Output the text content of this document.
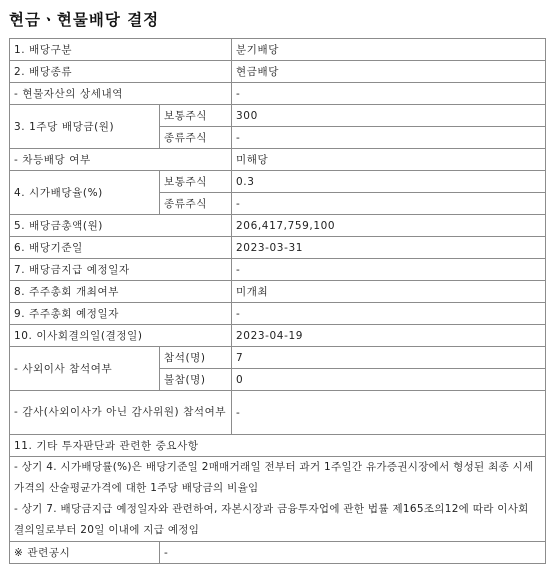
현금ㆍ현물배당 결정
1. 배당구분		분기배당
2. 배당종류		현금배당
- 현물자산의 상세내역		-
3. 1주당 배당금(원)	보통주식	300
	종류주식	-
- 차등배당 여부		미해당
4. 시가배당율(%)	보통주식	0.3
	종류주식	-
5. 배당금총액(원)		206,417,759,100
6. 배당기준일		2023-03-31
7. 배당금지급 예정일자		-
8. 주주총회 개최여부		미개최
9. 주주총회 예정일자		-
10. 이사회결의일(결정일)		2023-04-19
- 사외이사 참석여부	참석(명)	7
	불참(명)	0
- 감사(사외이사가 아닌 감사위원) 참석여부		-
11. 기타 투자판단과 관련한 중요사항		
- 상기 4. 시가배당률(%)은 배당기준일 2매매거래일 전부터 과거 1주일간 유가증권시장에서 형성된 최종 시세가격의 산술평균가격에 대한 1주당 배당금의 비율임
- 상기 7. 배당금지급 예정일자와 관련하여, 자본시장과 금융투자업에 관한 법률 제165조의12에 따라 이사회 결의일로부터 20일 이내에 지급 예정임		
※ 관련공시	-	
